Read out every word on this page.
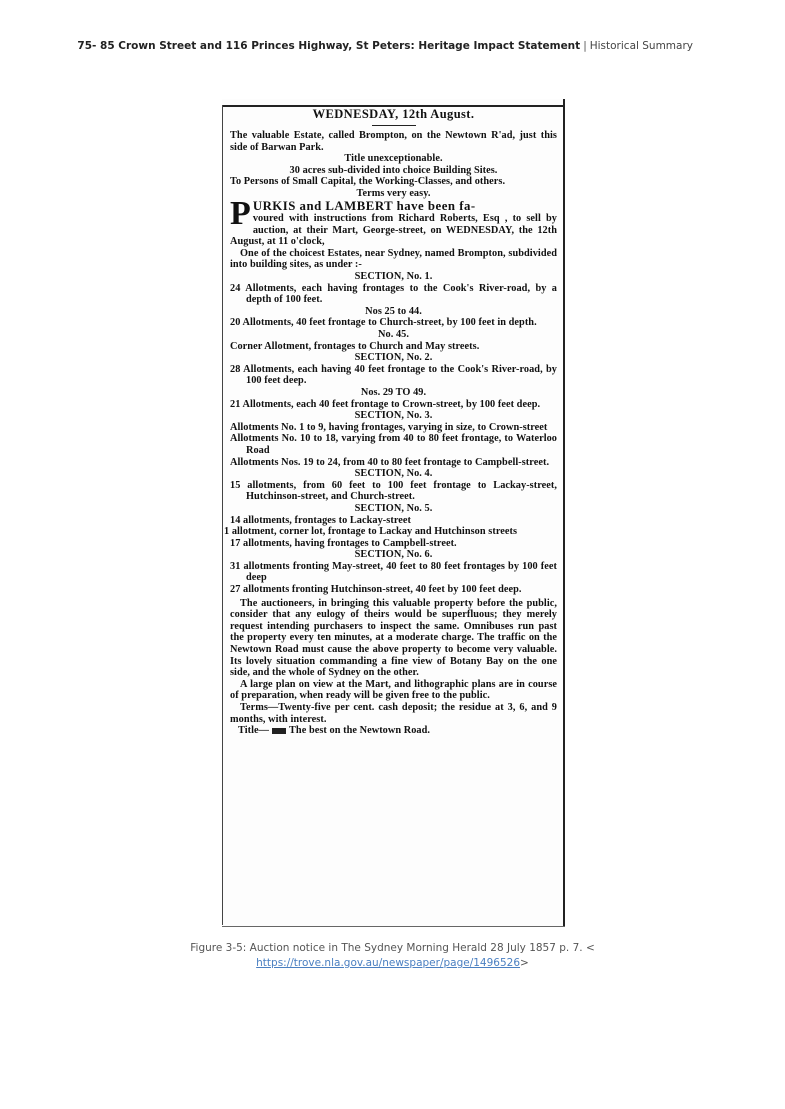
75- 85 Crown Street and 116 Princes Highway, St Peters: Heritage Impact Statement | Historical Summary
WEDNESDAY, 12th August.
The valuable Estate, called Brompton, on the Newtown R'ad, just this side of Barwan Park.
Title unexceptionable.
30 acres sub-divided into choice Building Sites.
To Persons of Small Capital, the Working-Classes, and others.
Terms very easy.
P URKIS and LAMBERT have been fa-
voured with instructions from Richard Roberts, Esq , to sell by auction, at their Mart, George-street, on WEDNESDAY, the 12th August, at 11 o'clock,
One of the choicest Estates, near Sydney, named Brompton, subdivided into building sites, as under :-
SECTION, No. 1.
24 Allotments, each having frontages to the Cook's River-road, by a depth of 100 feet.
Nos 25 to 44.
20 Allotments, 40 feet frontage to Church-street, by 100 feet in depth.
No. 45.
Corner Allotment, frontages to Church and May streets.
SECTION, No. 2.
28 Allotments, each having 40 feet frontage to the Cook's River-road, by 100 feet deep.
Nos. 29 TO 49.
21 Allotments, each 40 feet frontage to Crown-street, by 100 feet deep.
SECTION, No. 3.
Allotments No. 1 to 9, having frontages, varying in size, to Crown-street
Allotments No. 10 to 18, varying from 40 to 80 feet frontage, to Waterloo Road
Allotments Nos. 19 to 24, from 40 to 80 feet frontage to Campbell-street.
SECTION, No. 4.
15 allotments, from 60 feet to 100 feet frontage to Lackay-street, Hutchinson-street, and Church-street.
SECTION, No. 5.
14 allotments, frontages to Lackay-street
1 allotment, corner lot, frontage to Lackay and Hutchinson streets
17 allotments, having frontages to Campbell-street.
SECTION, No. 6.
31 allotments fronting May-street, 40 feet to 80 feet frontages by 100 feet deep
27 allotments fronting Hutchinson-street, 40 feet by 100 feet deep.
The auctioneers, in bringing this valuable property before the public, consider that any eulogy of theirs would be superfluous; they merely request intending purchasers to inspect the same. Omnibuses run past the property every ten minutes, at a moderate charge. The traffic on the Newtown Road must cause the above property to become very valuable. Its lovely situation commanding a fine view of Botany Bay on the one side, and the whole of Sydney on the other.
A large plan on view at the Mart, and lithographic plans are in course of preparation, when ready will be given free to the public.
Terms—Twenty-five per cent. cash deposit; the residue at 3, 6, and 9 months, with interest.
Title— The best on the Newtown Road.
Figure 3-5: Auction notice in The Sydney Morning Herald 28 July 1857 p. 7. <
https://trove.nla.gov.au/newspaper/page/1496526>
